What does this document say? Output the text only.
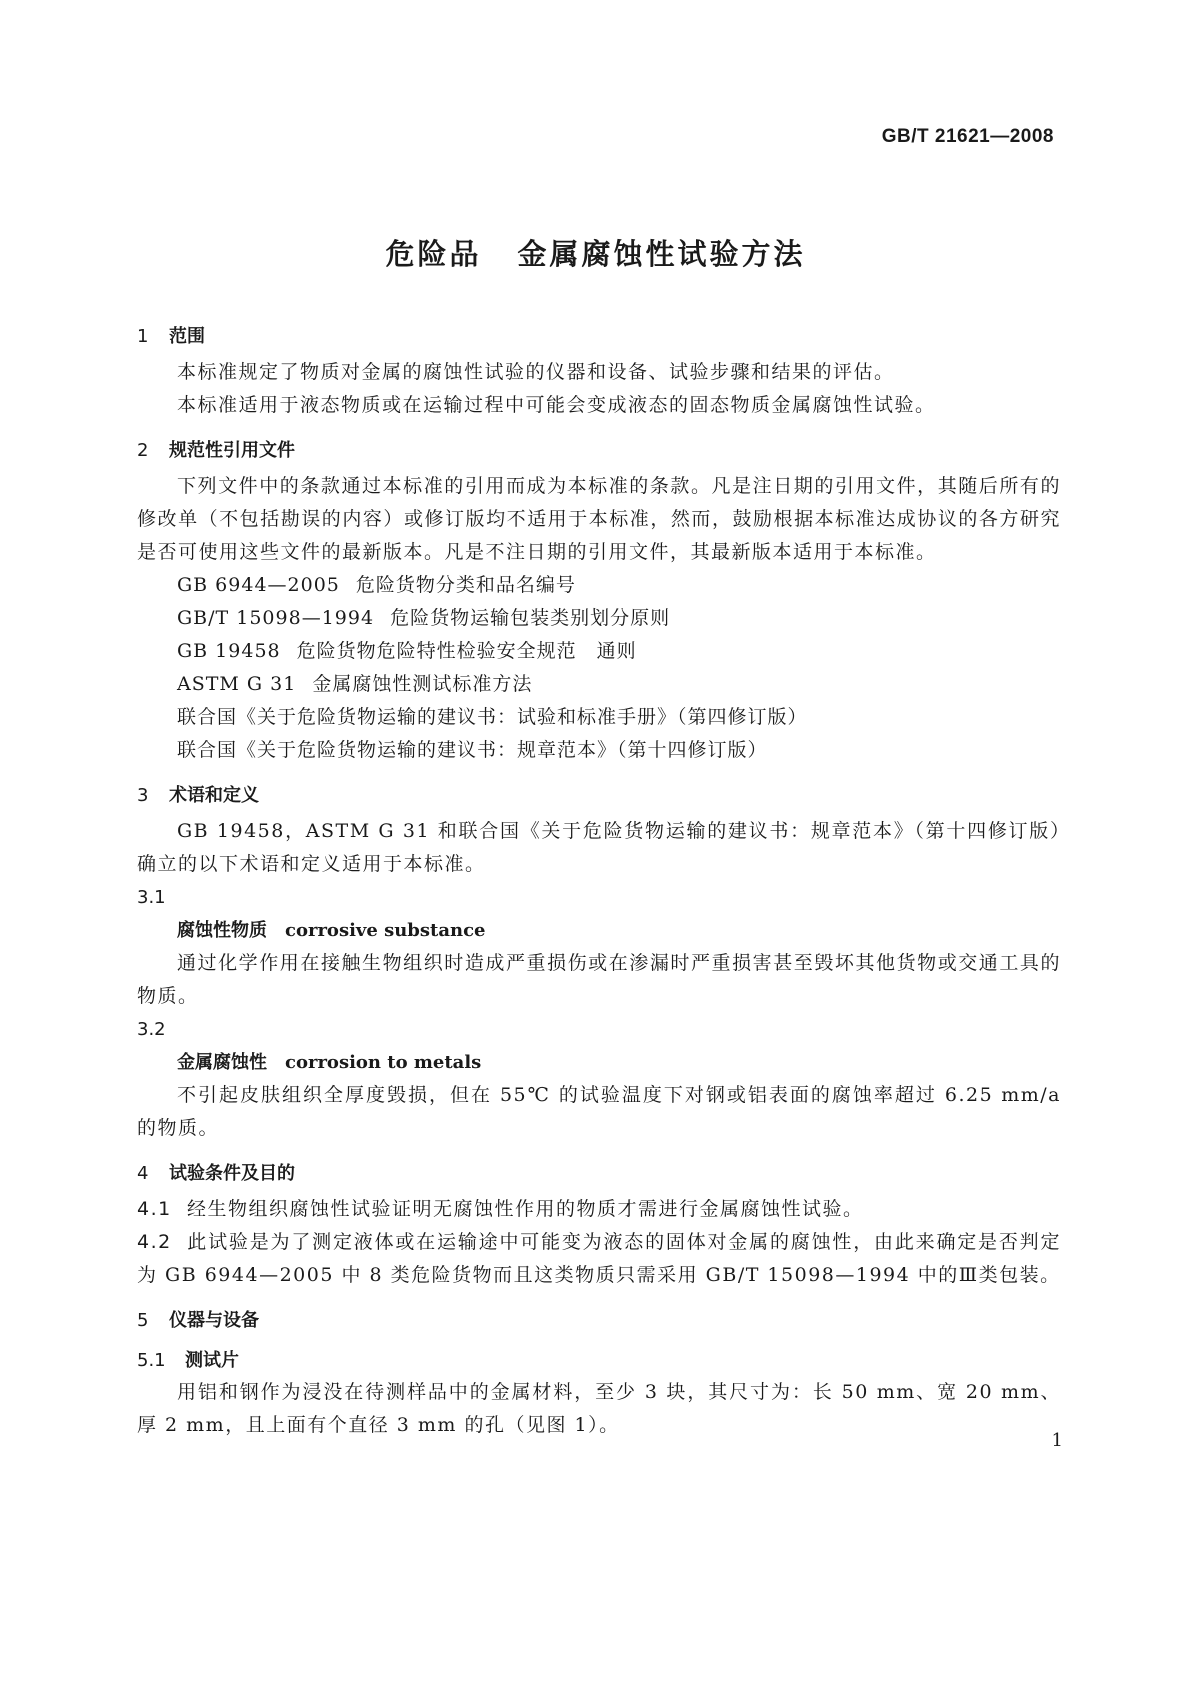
GB/T 21621—2008
危险品 金属腐蚀性试验方法
1	范围
本标准规定了物质对金属的腐蚀性试验的仪器和设备、试验步骤和结果的评估。
本标准适用于液态物质或在运输过程中可能会变成液态的固态物质金属腐蚀性试验。
2	规范性引用文件
下列文件中的条款通过本标准的引用而成为本标准的条款。凡是注日期的引用文件，其随后所有的修改单（不包括勘误的内容）或修订版均不适用于本标准，然而，鼓励根据本标准达成协议的各方研究是否可使用这些文件的最新版本。凡是不注日期的引用文件，其最新版本适用于本标准。
GB 6944—2005 危险货物分类和品名编号
GB/T 15098—1994 危险货物运输包装类别划分原则
GB 19458 危险货物危险特性检验安全规范　通则
ASTM G 31 金属腐蚀性测试标准方法
联合国《关于危险货物运输的建议书：试验和标准手册》（第四修订版）
联合国《关于危险货物运输的建议书：规章范本》（第十四修订版）
3	术语和定义
GB 19458，ASTM G 31 和联合国《关于危险货物运输的建议书：规章范本》（第十四修订版）确立的以下术语和定义适用于本标准。
3.1
腐蚀性物质 corrosive substance
通过化学作用在接触生物组织时造成严重损伤或在渗漏时严重损害甚至毁坏其他货物或交通工具的物质。
3.2
金属腐蚀性 corrosion to metals
不引起皮肤组织全厚度毁损，但在 55℃ 的试验温度下对钢或铝表面的腐蚀率超过 6.25 mm/a 的物质。
4	试验条件及目的
4.1 经生物组织腐蚀性试验证明无腐蚀性作用的物质才需进行金属腐蚀性试验。
4.2 此试验是为了测定液体或在运输途中可能变为液态的固体对金属的腐蚀性，由此来确定是否判定为 GB 6944—2005 中 8 类危险货物而且这类物质只需采用 GB/T 15098—1994 中的Ⅲ类包装。
5	仪器与设备
5.1	测试片
用铝和钢作为浸没在待测样品中的金属材料，至少 3 块，其尺寸为：长 50 mm、宽 20 mm、厚 2 mm，且上面有个直径 3 mm 的孔（见图 1）。
1
